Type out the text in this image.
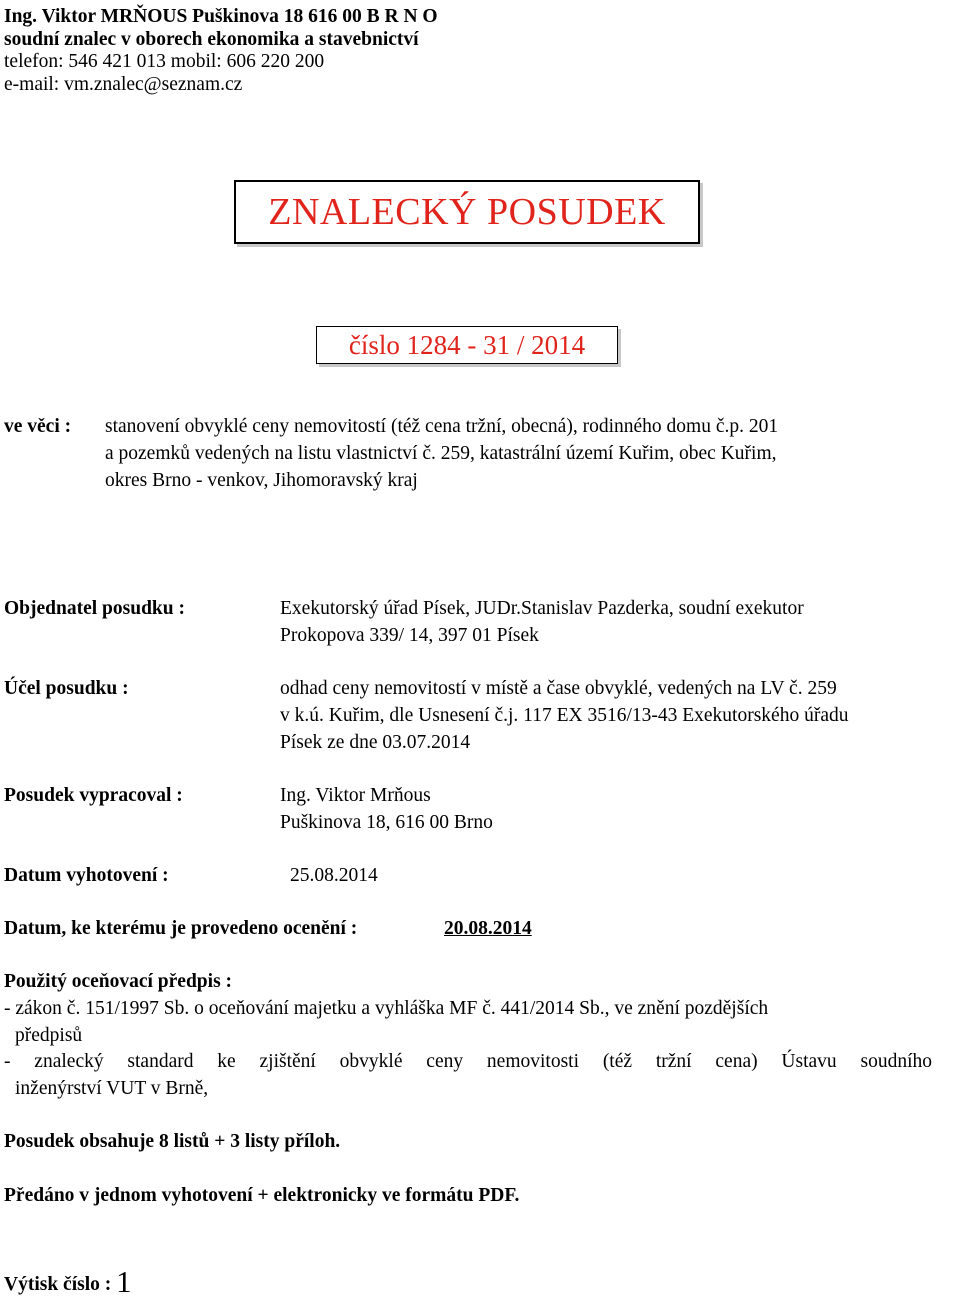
Ing. Viktor MRŇOUS Puškinova 18 616 00 B R N O
soudní znalec v oborech ekonomika a stavebnictví
telefon: 546 421 013 mobil: 606 220 200
e-mail: vm.znalec@seznam.cz
ZNALECKÝ POSUDEK
číslo 1284 - 31 / 2014
ve věci : stanovení obvyklé ceny nemovitostí (též cena tržní, obecná), rodinného domu č.p. 201
a pozemků vedených na listu vlastnictví č. 259, katastrální území Kuřim, obec Kuřim,
okres Brno - venkov, Jihomoravský kraj
Objednatel posudku :	Exekutorský úřad Písek, JUDr.Stanislav Pazderka, soudní exekutor
Prokopova 339/ 14, 397 01 Písek
Účel posudku :	odhad ceny nemovitostí v místě a čase obvyklé, vedených na LV č. 259
v k.ú. Kuřim, dle Usnesení č.j. 117 EX 3516/13-43 Exekutorského úřadu
Písek ze dne 03.07.2014
Posudek vypracoval :	Ing. Viktor Mrňous
Puškinova 18, 616 00 Brno
Datum vyhotovení :	25.08.2014
Datum, ke kterému je provedeno ocenění :	20.08.2014
Použitý oceňovací předpis :
- zákon č. 151/1997 Sb. o oceňování majetku a vyhláška MF č. 441/2014 Sb., ve znění pozdějších
předpisů
- znalecký standard ke zjištění obvyklé ceny nemovitosti (též tržní cena) Ústavu soudního
inženýrství VUT v Brně,
Posudek obsahuje 8 listů + 3 listy příloh.
Předáno v jednom vyhotovení + elektronicky ve formátu PDF.
Výtisk číslo : 1
